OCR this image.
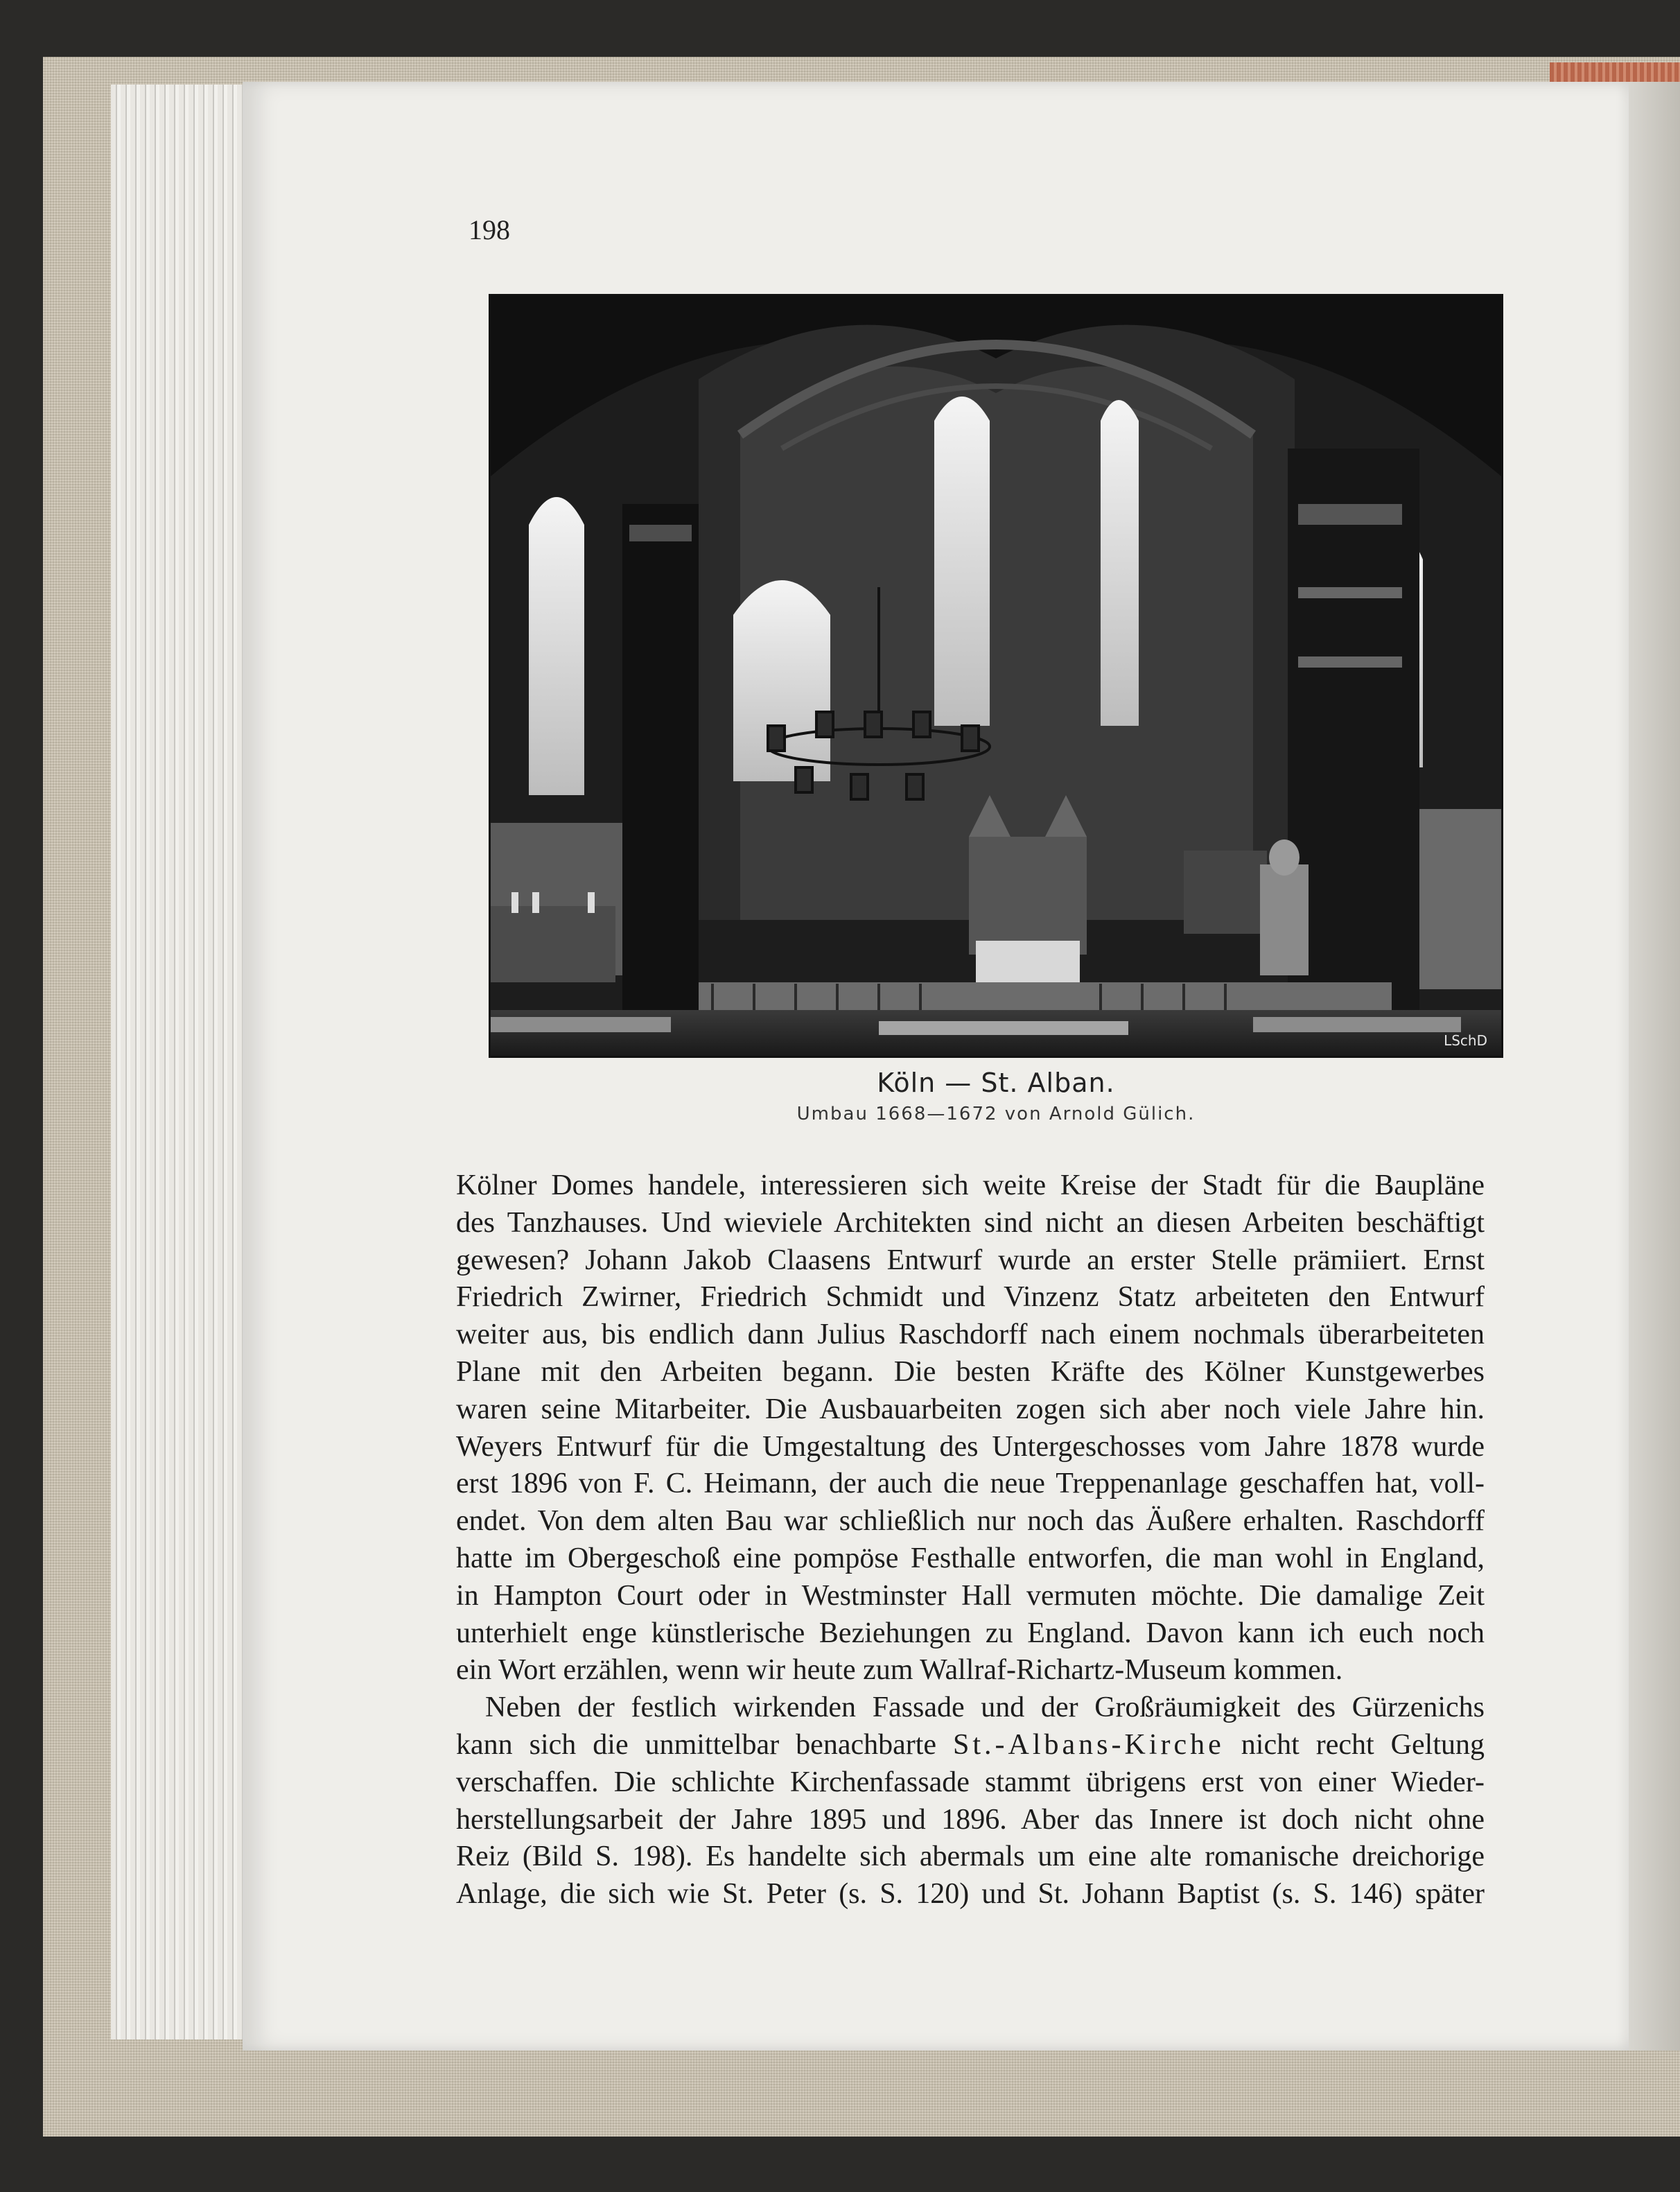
198
LSchD
Köln — St. Alban.
Umbau 1668—1672 von Arnold Gülich.
Kölner Domes handele, interessieren sich weite Kreise der Stadt für die Baupläne
des Tanzhauses. Und wieviele Architekten sind nicht an diesen Arbeiten beschäftigt
gewesen? Johann Jakob Claasens Entwurf wurde an erster Stelle prämiiert. Ernst
Friedrich Zwirner, Friedrich Schmidt und Vinzenz Statz arbeiteten den Entwurf
weiter aus, bis endlich dann Julius Raschdorff nach einem nochmals überarbeiteten
Plane mit den Arbeiten begann. Die besten Kräfte des Kölner Kunstgewerbes
waren seine Mitarbeiter. Die Ausbauarbeiten zogen sich aber noch viele Jahre hin.
Weyers Entwurf für die Umgestaltung des Untergeschosses vom Jahre 1878 wurde
erst 1896 von F. C. Heimann, der auch die neue Treppenanlage geschaffen hat, voll-
endet. Von dem alten Bau war schließlich nur noch das Äußere erhalten. Raschdorff
hatte im Obergeschoß eine pompöse Festhalle entworfen, die man wohl in England,
in Hampton Court oder in Westminster Hall vermuten möchte. Die damalige Zeit
unterhielt enge künstlerische Beziehungen zu England. Davon kann ich euch noch
ein Wort erzählen, wenn wir heute zum Wallraf-Richartz-Museum kommen.
Neben der festlich wirkenden Fassade und der Großräumigkeit des Gürzenichs
kann sich die unmittelbar benachbarte St.-Albans-Kirche nicht recht Geltung
verschaffen. Die schlichte Kirchenfassade stammt übrigens erst von einer Wieder-
herstellungsarbeit der Jahre 1895 und 1896. Aber das Innere ist doch nicht ohne
Reiz (Bild S. 198). Es handelte sich abermals um eine alte romanische dreichorige
Anlage, die sich wie St. Peter (s. S. 120) und St. Johann Baptist (s. S. 146) später
